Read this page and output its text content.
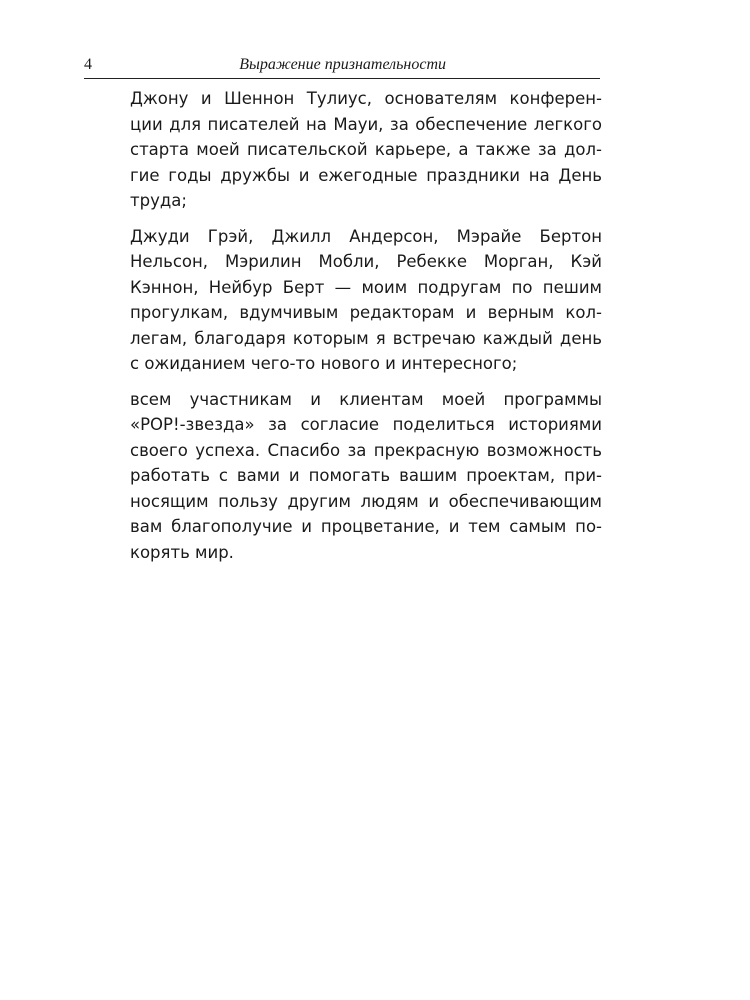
4	Выражение признательности

Джону и Шеннон Тулиус, основателям конферен-
ции для писателей на Мауи, за обеспечение легкого
старта моей писательской карьере, а также за дол-
гие годы дружбы и ежегодные праздники на День
труда;

Джуди Грэй, Джилл Андерсон, Мэрайе Бертон
Нельсон, Мэрилин Мобли, Ребекке Морган, Кэй
Кэннон, Нейбур Берт — моим подругам по пешим
прогулкам, вдумчивым редакторам и верным кол-
легам, благодаря которым я встречаю каждый день
с ожиданием чего-то нового и интересного;

всем участникам и клиентам моей программы
«POP!-звезда» за согласие поделиться историями
своего успеха. Спасибо за прекрасную возможность
работать с вами и помогать вашим проектам, при-
носящим пользу другим людям и обеспечивающим
вам благополучие и процветание, и тем самым по-
корять мир.
